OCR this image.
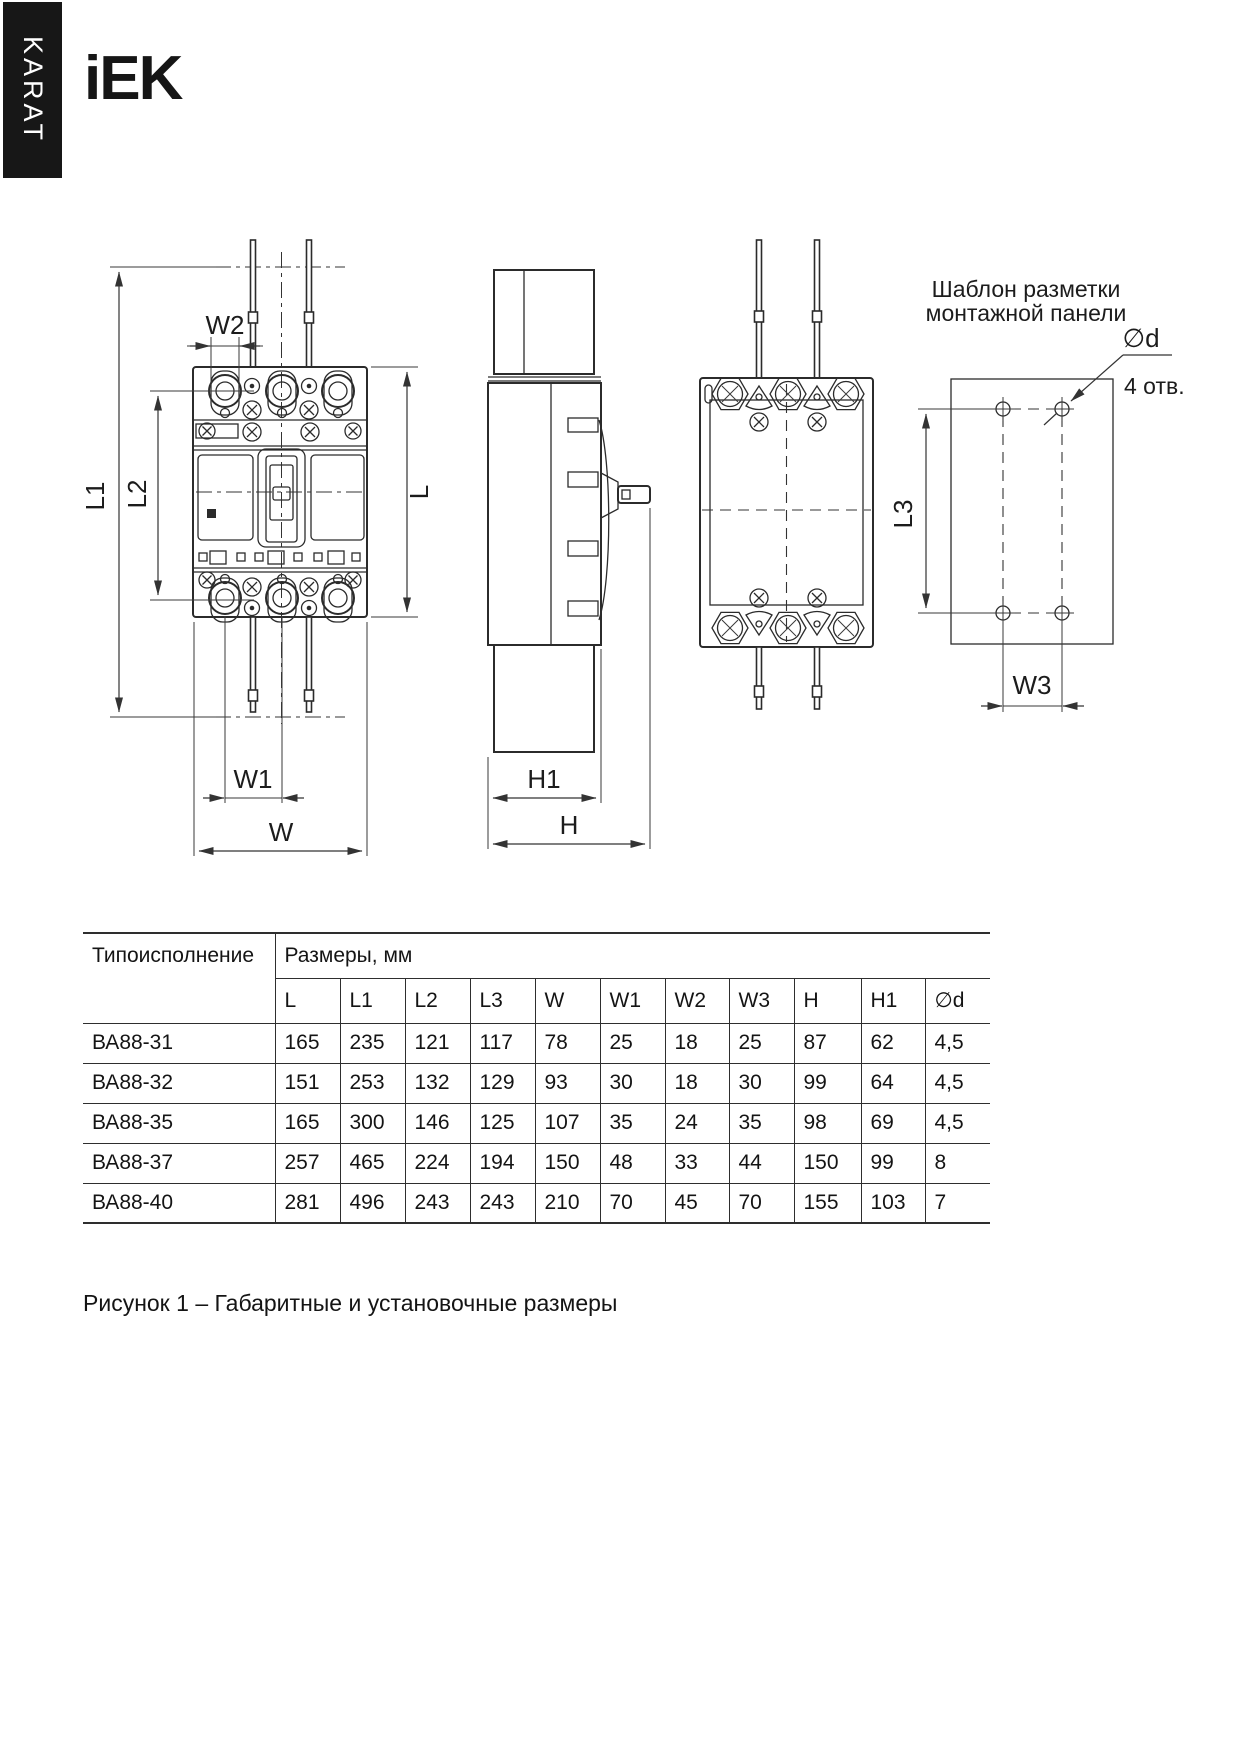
KARAT iEK
L1 L2	L
W2
W1
W
H1
H
Шаблон разметки
монтажной панели
∅d
4 отв.
L3
W3
Типоисполнение	Размеры, мм										
	L	L1	L2	L3	W	W1	W2	W3	H	H1	∅d
ВА88-31	165	235	121	117	78	25	18	25	87	62	4,5
ВА88-32	151	253	132	129	93	30	18	30	99	64	4,5
ВА88-35	165	300	146	125	107	35	24	35	98	69	4,5
ВА88-37	257	465	224	194	150	48	33	44	150	99	8
ВА88-40	281	496	243	243	210	70	45	70	155	103	7
Рисунок 1 – Габаритные и установочные размеры
